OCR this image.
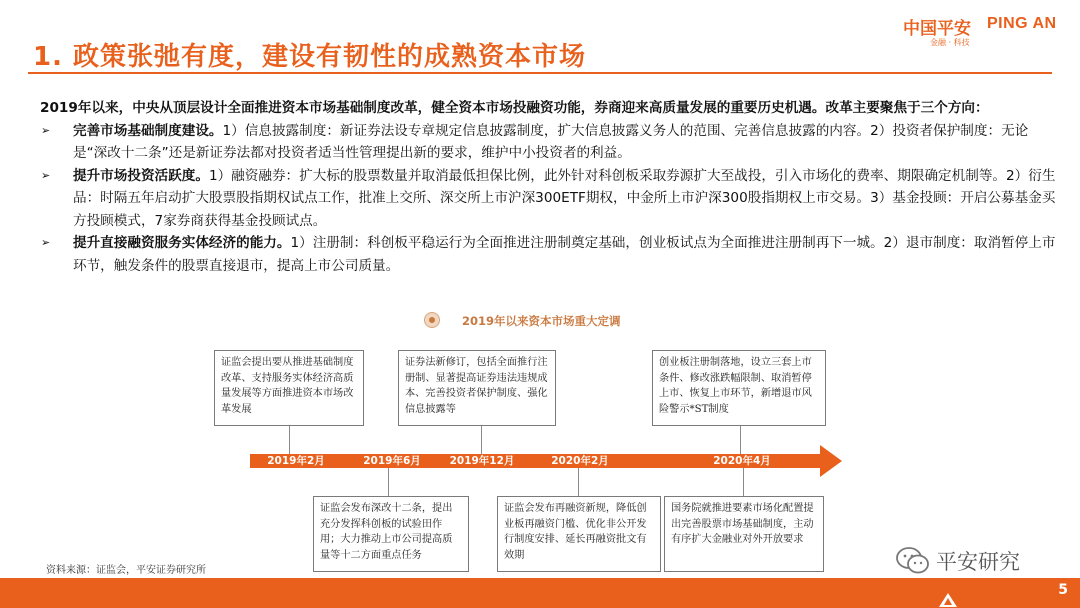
1. 政策张弛有度，建设有韧性的成熟资本市场
中国平安 PING AN
金融 · 科技

2019年以来，中央从顶层设计全面推进资本市场基础制度改革，健全资本市场投融资功能，券商迎来高质量发展的重要历史机遇。改革主要聚焦于三个方向：

➢ 完善市场基础制度建设。1）信息披露制度：新证券法设专章规定信息披露制度，扩大信息披露义务人的范围、完善信息披露的内容。2）投资者保护制度：无论是“深改十二条”还是新证券法都对投资者适当性管理提出新的要求，维护中小投资者的利益。

➢ 提升市场投资活跃度。1）融资融券：扩大标的股票数量并取消最低担保比例，此外针对科创板采取券源扩大至战投，引入市场化的费率、期限确定机制等。2）衍生品：时隔五年启动扩大股票股指期权试点工作，批准上交所、深交所上市沪深300ETF期权，中金所上市沪深300股指期权上市交易。3）基金投顾：开启公募基金买方投顾模式，7家券商获得基金投顾试点。

➢ 提升直接融资服务实体经济的能力。1）注册制：科创板平稳运行为全面推进注册制奠定基础，创业板试点为全面推进注册制再下一城。2）退市制度：取消暂停上市环节，触发条件的股票直接退市，提高上市公司质量。

2019年以来资本市场重大定调
证监会提出要从推进基础制度改革、支持服务实体经济高质量发展等方面推进资本市场改革发展
证券法新修订，包括全面推行注册制、显著提高证券违法违规成本、完善投资者保护制度、强化信息披露等
创业板注册制落地，设立三套上市条件、修改涨跌幅限制、取消暂停上市、恢复上市环节，新增退市风险警示*ST制度
2019年2月	2019年6月	2019年12月	2020年2月	2020年4月
证监会发布深改十二条，提出充分发挥科创板的试验田作用；大力推动上市公司提高质量等十二方面重点任务
证监会发布再融资新规，降低创业板再融资门槛、优化非公开发行制度安排、延长再融资批文有效期
国务院就推进要素市场化配置提出完善股票市场基础制度，主动有序扩大金融业对外开放要求
资料来源：证监会，平安证券研究所	平安研究
5
